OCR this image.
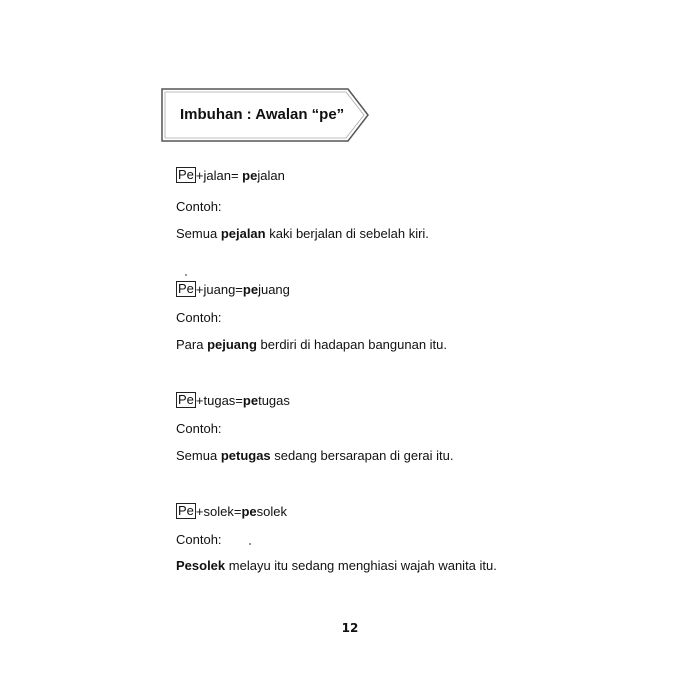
Imbuhan : Awalan “pe”
Pe +jalan= pe jalan
Contoh:
Semua pejalan kaki berjalan di sebelah kiri.
Pe +juang= pe juang
Contoh:
Para pejuang berdiri di hadapan bangunan itu.
Pe +tugas= pe tugas
Contoh:
Semua petugas sedang bersarapan di gerai itu.
Pe +solek= pe solek
Contoh:
Pesolek melayu itu sedang menghiasi wajah wanita itu.
12
